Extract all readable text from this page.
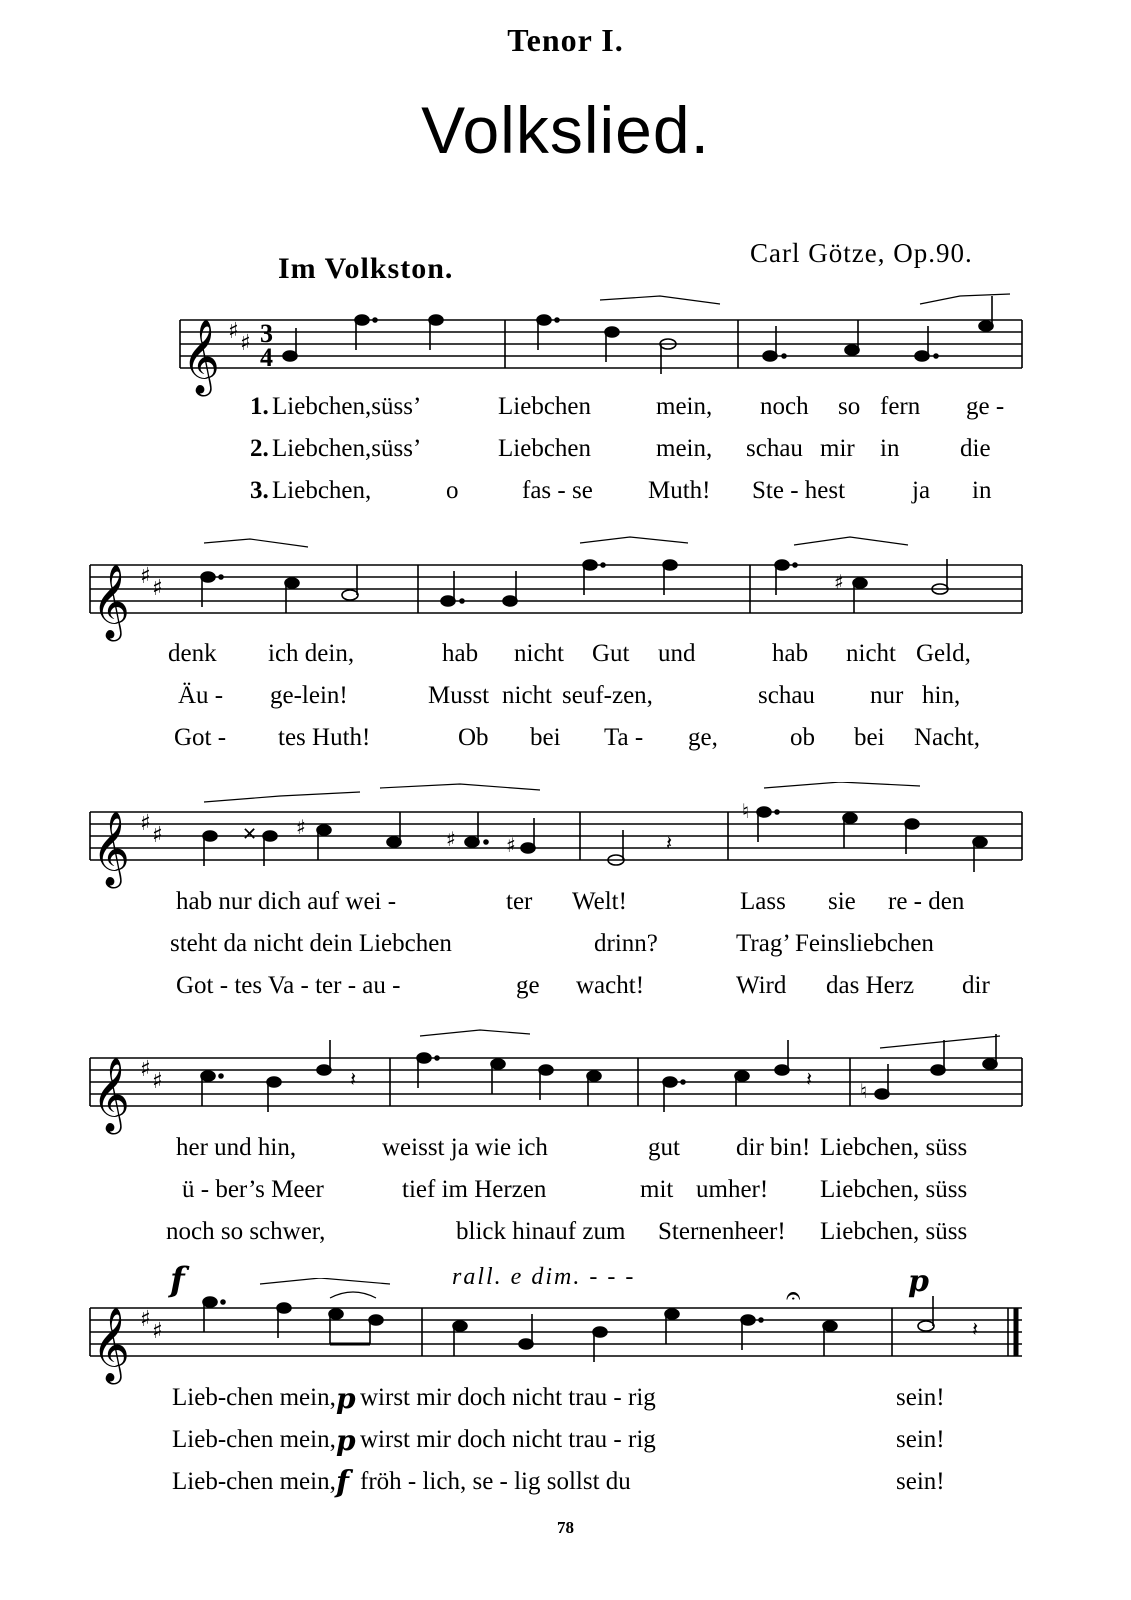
Tenor I.
Volkslied.
Im Volkston.	Carl Götze, Op.90.
𝄞 ♯ ♯ 3
4
1. Liebchen,süss’	Liebchen	mein, noch so fern ge -
2. Liebchen,süss’	Liebchen	mein, schau mir in die
3. Liebchen,	o	fas - se Muth! Ste - hest	ja in
𝄞 ♯ ♯	♯
denk ich dein,	hab nicht Gut und	hab nicht Geld,
Äu - ge-lein!	Musst nicht seuf-zen,	schau nur hin,
Got - tes Huth!	Ob bei Ta - ge,	ob bei Nacht,
𝄞 ♯ ♯	✕ ♯	♯	♯
♮
𝄽
hab nur dich auf wei -	ter Welt!	Lass sie re - den
steht da nicht dein Liebchen	drinn?	Trag’ Feinsliebchen
Got - tes Va - ter - au -	ge wacht!	Wird das Herz dir
𝄞 ♯ ♯	𝄽	𝄽 ♮
her und hin,	weisst ja wie ich	gut dir bin! Liebchen, süss
ü - ber’s Meer	tief im Herzen	mit umher! Liebchen, süss
noch so schwer,	blick hinauf zum Sternenheer! Liebchen, süss
f	rall. e dim. - - -	p
𝄞 ♯ ♯	𝄽
𝄐
Lieb-chen mein, p wirst mir doch nicht trau - rig	sein!
Lieb-chen mein, p wirst mir doch nicht trau - rig	sein!
Lieb-chen mein, f fröh - lich, se - lig sollst du	sein!
78
